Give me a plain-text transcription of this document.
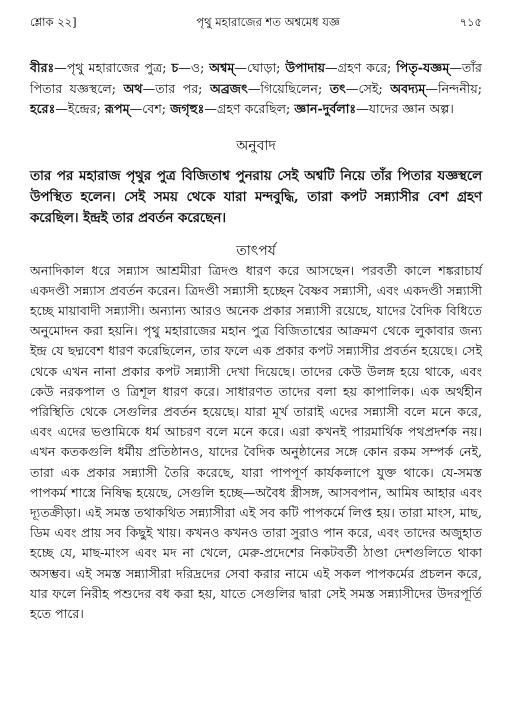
শ্লোক ২২]	পৃথু মহারাজের শত অশ্বমেধ যজ্ঞ	৭১৫
বীরঃ—পৃথু মহারাজের পুত্র; চ—ও; অশ্বম্—ঘোড়া; উপাদায়—গ্রহণ করে; পিতৃ-যজ্ঞম্—তাঁর পিতার যজ্ঞস্থলে; অথ—তার পর; অব্রজৎ—গিয়েছিলেন; তৎ—সেই; অবদ্যম্—নিন্দনীয়; হরেঃ—ইন্দ্রের; রূপম্—বেশ; জগৃহুঃ—গ্রহণ করেছিল; জ্ঞান-দুর্বলাঃ—যাদের জ্ঞান অল্প।
অনুবাদ
তার পর মহারাজ পৃথুর পুত্র বিজিতাশ্ব পুনরায় সেই অশ্বটি নিয়ে তাঁর পিতার যজ্ঞস্থলে উপস্থিত হলেন। সেই সময় থেকে যারা মন্দবুদ্ধি, তারা কপট সন্ন্যাসীর বেশ গ্রহণ করেছিল। ইন্দ্রই তার প্রবর্তন করেছেন।
তাৎপর্য
অনাদিকাল ধরে সন্ন্যাস আশ্রমীরা ত্রিদণ্ড ধারণ করে আসছেন। পরবর্তী কালে শঙ্করাচার্য একদণ্ডী সন্ন্যাস প্রবর্তন করেন। ত্রিদণ্ডী সন্ন্যাসী হচ্ছেন বৈষ্ণব সন্ন্যাসী, এবং একদণ্ডী সন্ন্যাসী হচ্ছে মায়াবাদী সন্ন্যাসী। অন্যান্য আরও অনেক প্রকার সন্ন্যাসী রয়েছে, যাদের বৈদিক বিধিতে অনুমোদন করা হয়নি। পৃথু মহারাজের মহান পুত্র বিজিতাশ্বের আক্রমণ থেকে লুকাবার জন্য ইন্দ্র যে ছদ্মবেশ ধারণ করেছিলেন, তার ফলে এক প্রকার কপট সন্ন্যাসীর প্রবর্তন হয়েছে। সেই থেকে এখন নানা প্রকার কপট সন্ন্যাসী দেখা দিয়েছে। তাদের কেউ উলঙ্গ হয়ে থাকে, এবং কেউ নরকপাল ও ত্রিশূল ধারণ করে। সাধারণত তাদের বলা হয় কাপালিক। এক অর্থহীন পরিস্থিতি থেকে সেগুলির প্রবর্তন হয়েছে। যারা মূর্খ তারাই এদের সন্ন্যাসী বলে মনে করে, এবং এদের ভণ্ডামিকে ধর্ম আচরণ বলে মনে করে। এরা কখনই পারমার্থিক পথপ্রদর্শক নয়। এখন কতকগুলি ধর্মীয় প্রতিষ্ঠানও, যাদের বৈদিক অনুষ্ঠানের সঙ্গে কোন রকম সম্পর্ক নেই, তারা এক প্রকার সন্ন্যাসী তৈরি করেছে, যারা পাপপূর্ণ কার্যকলাপে যুক্ত থাকে। যে-সমস্ত পাপকর্ম শাস্ত্রে নিষিদ্ধ হয়েছে, সেগুলি হচ্ছে—অবৈধ স্ত্রীসঙ্গ, আসবপান, আমিষ আহার এবং দ্যূতক্রীড়া। এই সমস্ত তথাকথিত সন্ন্যাসীরা এই সব কটি পাপকর্মে লিপ্ত হয়। তারা মাংস, মাছ, ডিম এবং প্রায় সব কিছুই খায়। কখনও কখনও তারা সুরাও পান করে, এবং তাদের অজুহাত হচ্ছে যে, মাছ-মাংস এবং মদ না খেলে, মেরু-প্রদেশের নিকটবর্তী ঠাণ্ডা দেশগুলিতে থাকা অসম্ভব। এই সমস্ত সন্ন্যাসীরা দরিদ্রদের সেবা করার নামে এই সকল পাপকর্মের প্রচলন করে, যার ফলে নিরীহ পশুদের বধ করা হয়, যাতে সেগুলির দ্বারা সেই সমস্ত সন্ন্যাসীদের উদরপূর্তি হতে পারে।
